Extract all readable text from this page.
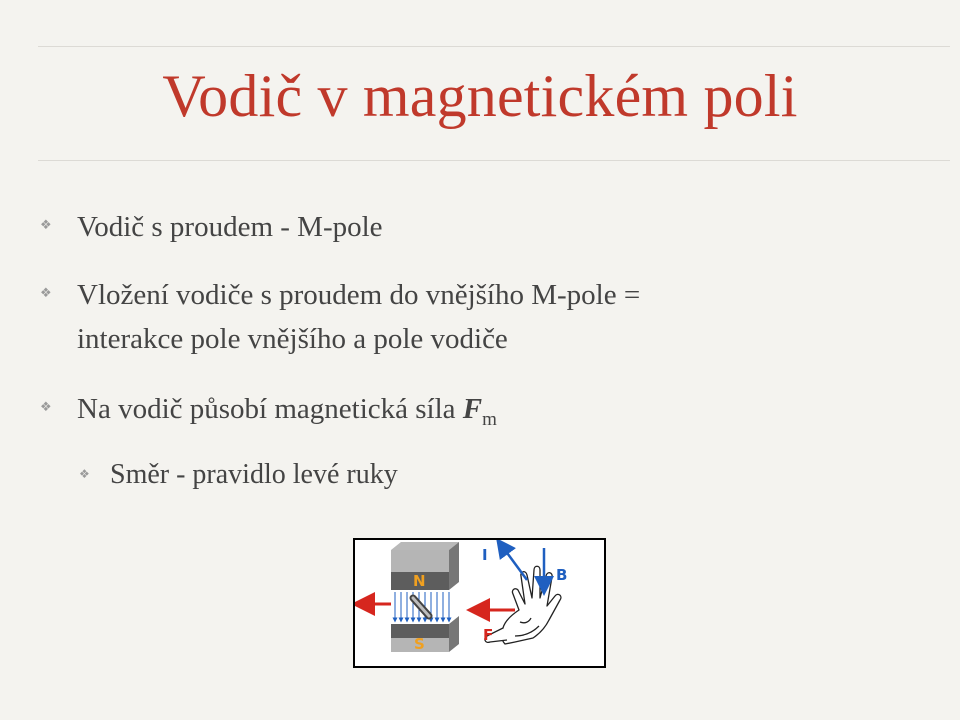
Vodič v magnetickém poli
❖ Vodič s proudem - M-pole
❖ Vložení vodiče s proudem do vnějšího M-pole =
interakce pole vnějšího a pole vodiče
❖ Na vodič působí magnetická síla $F_m$
❖ Směr - pravidlo levé ruky
N
S
I
B
F
